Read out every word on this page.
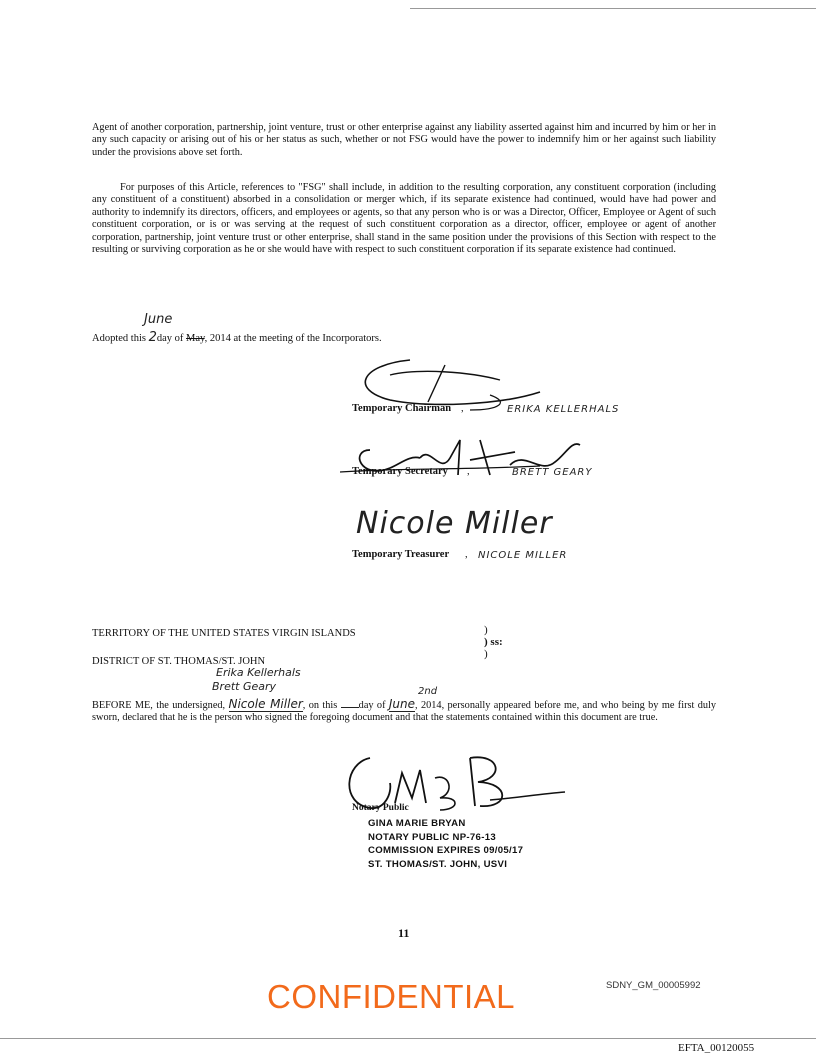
Agent of another corporation, partnership, joint venture, trust or other enterprise against any liability asserted against him and incurred by him or her in any such capacity or arising out of his or her status as such, whether or not FSG would have the power to indemnify him or her against such liability under the provisions above set forth.
For purposes of this Article, references to "FSG" shall include, in addition to the resulting corporation, any constituent corporation (including any constituent of a constituent) absorbed in a consolidation or merger which, if its separate existence had continued, would have had power and authority to indemnify its directors, officers, and employees or agents, so that any person who is or was a Director, Officer, Employee or Agent of such constituent corporation, or is or was serving at the request of such constituent corporation as a director, officer, employee or agent of another corporation, partnership, joint venture trust or other enterprise, shall stand in the same position under the provisions of this Section with respect to the resulting or surviving corporation as he or she would have with respect to such constituent corporation if its separate existence had continued.
June
Adopted this 2day of May, 2014 at the meeting of the Incorporators.
Temporary Chairman ,	ERIKA KELLERHALS
Temporary Secretary ,	BRETT GEARY
Nicole Miller
Temporary Treasurer , NICOLE MILLER
TERRITORY OF THE UNITED STATES VIRGIN ISLANDS	)
) ss:
)
DISTRICT OF ST. THOMAS/ST. JOHN
Erika Kellerhals
Brett Geary	2nd
BEFORE ME, the undersigned, Nicole Miller, on this day of June, 2014, personally appeared before me, and who being by me first duly sworn, declared that he is the person who signed the foregoing document and that the statements contained within this document are true.
Notary Public
GINA MARIE BRYAN
NOTARY PUBLIC NP-76-13
COMMISSION EXPIRES 09/05/17
ST. THOMAS/ST. JOHN, USVI
11
CONFIDENTIAL	SDNY_GM_00005992
EFTA_00120055
